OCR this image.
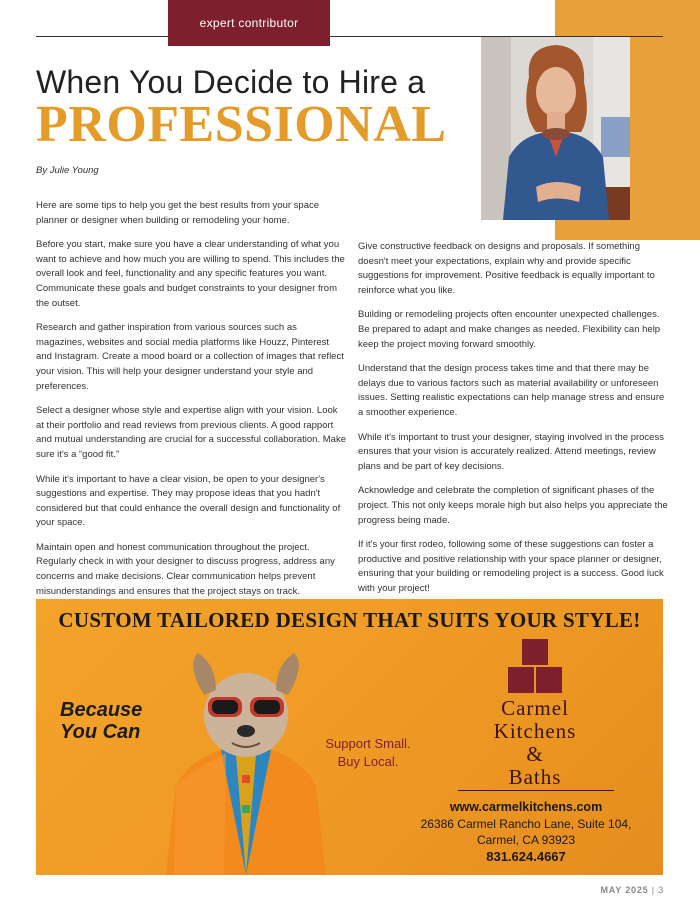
expert contributor
When You Decide to Hire a
PROFESSIONAL
By Julie Young

Here are some tips to help you get the best results from your space planner or designer when building or remodeling your home.

Before you start, make sure you have a clear understanding of what you want to achieve and how much you are willing to spend. This includes the overall look and feel, functionality and any specific features you want. Communicate these goals and budget constraints to your designer from the outset.

Research and gather inspiration from various sources such as magazines, websites and social media platforms like Houzz, Pinterest and Instagram. Create a mood board or a collection of images that reflect your vision. This will help your designer understand your style and preferences.

Select a designer whose style and expertise align with your vision. Look at their portfolio and read reviews from previous clients. A good rapport and mutual understanding are crucial for a successful collaboration. Make sure it's a “good fit.”

While it's important to have a clear vision, be open to your designer's suggestions and expertise. They may propose ideas that you hadn't considered but that could enhance the overall design and functionality of your space.

Maintain open and honest communication throughout the project. Regularly check in with your designer to discuss progress, address any concerns and make decisions. Clear communication helps prevent misunderstandings and ensures that the project stays on track.

Give constructive feedback on designs and proposals. If something doesn't meet your expectations, explain why and provide specific suggestions for improvement. Positive feedback is equally important to reinforce what you like.

Building or remodeling projects often encounter unexpected challenges. Be prepared to adapt and make changes as needed. Flexibility can help keep the project moving forward smoothly.

Understand that the design process takes time and that there may be delays due to various factors such as material availability or unforeseen issues. Setting realistic expectations can help manage stress and ensure a smoother experience.

While it's important to trust your designer, staying involved in the process ensures that your vision is accurately realized. Attend meetings, review plans and be part of key decisions.

Acknowledge and celebrate the completion of significant phases of the project. This not only keeps morale high but also helps you appreciate the progress being made.

If it's your first rodeo, following some of these suggestions can foster a productive and positive relationship with your space planner or designer, ensuring that your building or remodeling project is a success. Good luck with your project!

CUSTOM TAILORED DESIGN THAT SUITS YOUR STYLE!
Because
You Can
Support Small.
Buy Local.
Carmel
Kitchens
&
Baths
www.carmelkitchens.com
26386 Carmel Rancho Lane, Suite 104,
Carmel, CA 93923
831.624.4667
MAY 2025 | 3
